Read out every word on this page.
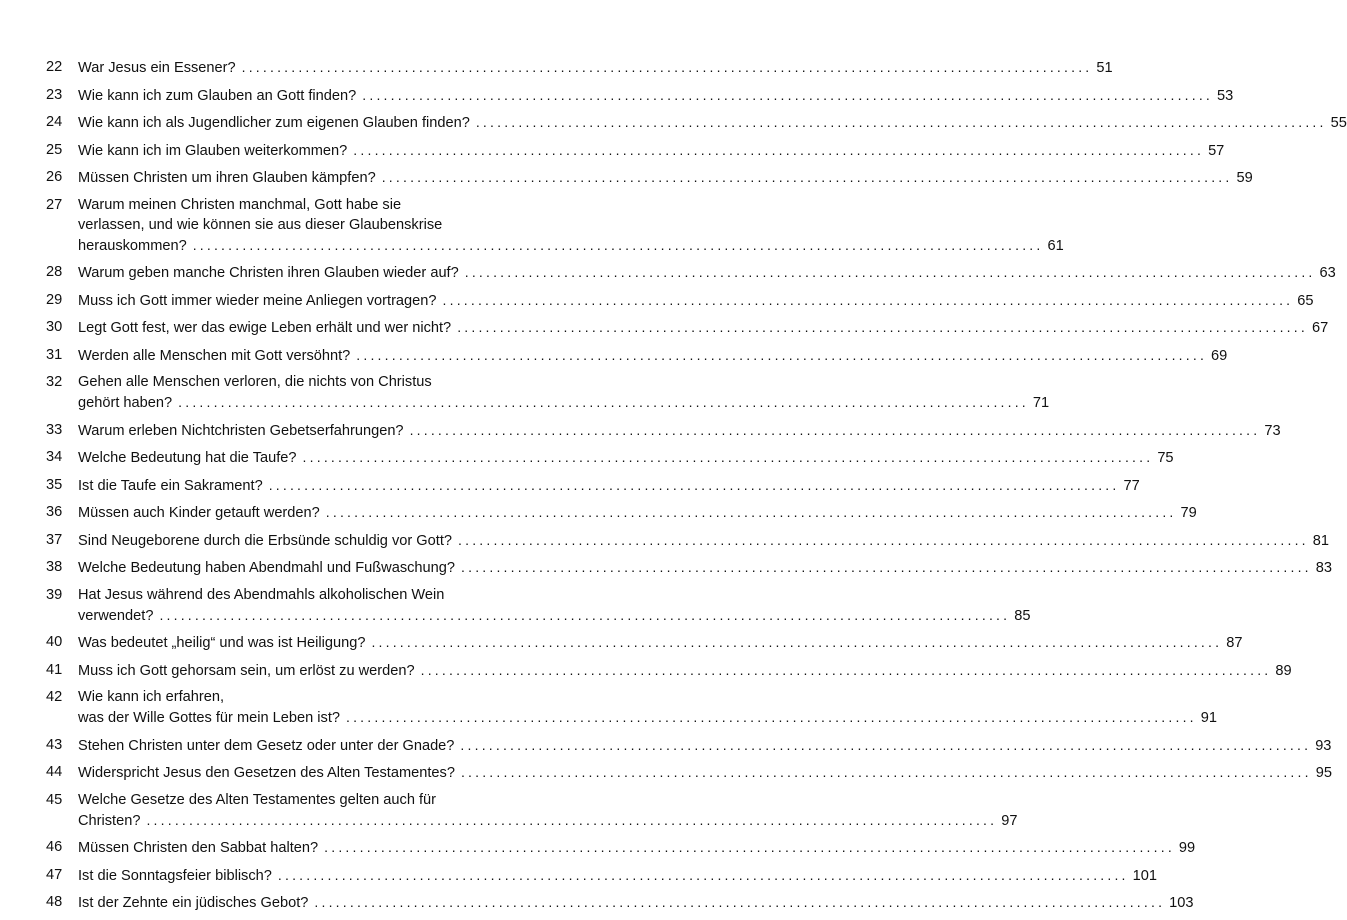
22	War Jesus ein Essener? ........................................................................................................................ 51
23	Wie kann ich zum Glauben an Gott finden? ........................................................................................................................ 53
24	Wie kann ich als Jugendlicher zum eigenen Glauben finden? ........................................................................................................................ 55
25	Wie kann ich im Glauben weiterkommen? ........................................................................................................................ 57
26	Müssen Christen um ihren Glauben kämpfen? ........................................................................................................................ 59
27	Warum meinen Christen manchmal, Gott habe sie
verlassen, und wie können sie aus dieser Glaubenskrise
herauskommen? ........................................................................................................................ 61
28	Warum geben manche Christen ihren Glauben wieder auf? ........................................................................................................................ 63
29	Muss ich Gott immer wieder meine Anliegen vortragen? ........................................................................................................................ 65
30	Legt Gott fest, wer das ewige Leben erhält und wer nicht? ........................................................................................................................ 67
31	Werden alle Menschen mit Gott versöhnt? ........................................................................................................................ 69
32	Gehen alle Menschen verloren, die nichts von Christus
gehört haben? ........................................................................................................................ 71
33	Warum erleben Nichtchristen Gebetserfahrungen? ........................................................................................................................ 73
34	Welche Bedeutung hat die Taufe? ........................................................................................................................ 75
35	Ist die Taufe ein Sakrament? ........................................................................................................................ 77
36	Müssen auch Kinder getauft werden? ........................................................................................................................ 79
37	Sind Neugeborene durch die Erbsünde schuldig vor Gott? ........................................................................................................................ 81
38	Welche Bedeutung haben Abendmahl und Fußwaschung? ........................................................................................................................ 83
39	Hat Jesus während des Abendmahls alkoholischen Wein
verwendet? ........................................................................................................................ 85
40	Was bedeutet „heilig“ und was ist Heiligung? ........................................................................................................................ 87
41	Muss ich Gott gehorsam sein, um erlöst zu werden? ........................................................................................................................ 89
42	Wie kann ich erfahren,
was der Wille Gottes für mein Leben ist? ........................................................................................................................ 91
43	Stehen Christen unter dem Gesetz oder unter der Gnade? ........................................................................................................................ 93
44	Widerspricht Jesus den Gesetzen des Alten Testamentes? ........................................................................................................................ 95
45	Welche Gesetze des Alten Testamentes gelten auch für
Christen? ........................................................................................................................ 97
46	Müssen Christen den Sabbat halten? ........................................................................................................................ 99
47	Ist die Sonntagsfeier biblisch? ........................................................................................................................ 101
48	Ist der Zehnte ein jüdisches Gebot? ........................................................................................................................ 103
